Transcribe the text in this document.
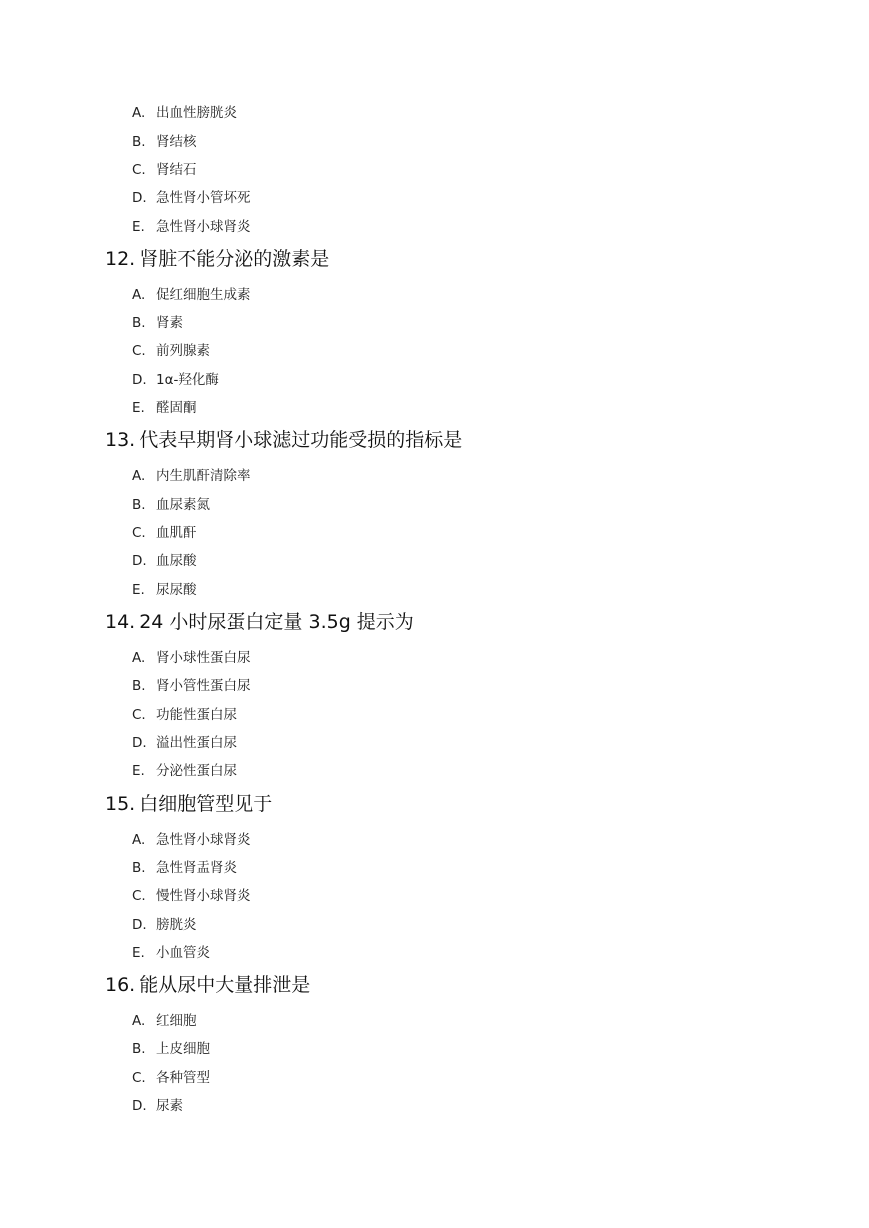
A. 出血性膀胱炎
B. 肾结核
C. 肾结石
D. 急性肾小管坏死
E. 急性肾小球肾炎
12. 肾脏不能分泌的激素是
A. 促红细胞生成素
B. 肾素
C. 前列腺素
D. 1α-羟化酶
E. 醛固酮
13. 代表早期肾小球滤过功能受损的指标是
A. 内生肌酐清除率
B. 血尿素氮
C. 血肌酐
D. 血尿酸
E. 尿尿酸
14. 24 小时尿蛋白定量 3.5g 提示为
A. 肾小球性蛋白尿
B. 肾小管性蛋白尿
C. 功能性蛋白尿
D. 溢出性蛋白尿
E. 分泌性蛋白尿
15. 白细胞管型见于
A. 急性肾小球肾炎
B. 急性肾盂肾炎
C. 慢性肾小球肾炎
D. 膀胱炎
E. 小血管炎
16. 能从尿中大量排泄是
A. 红细胞
B. 上皮细胞
C. 各种管型
D. 尿素
